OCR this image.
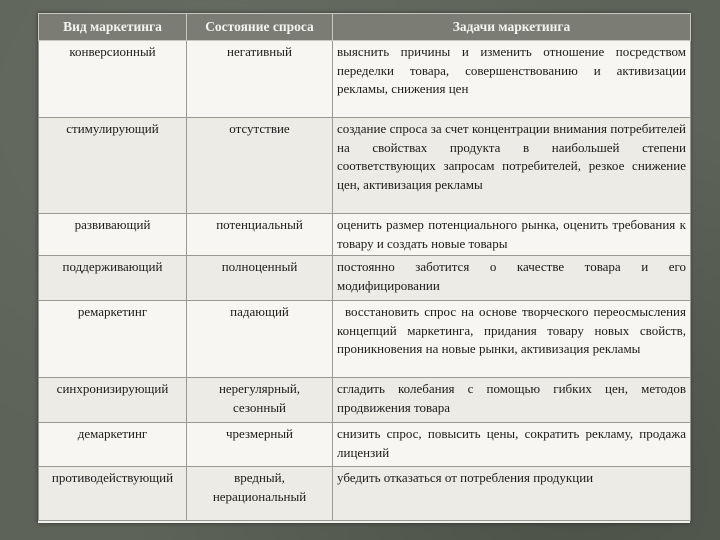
Вид маркетинга	Состояние спроса	Задачи маркетинга
конверсионный	негативный	выяснить причины и изменить отношение посредством переделки товара, совершенствованию и активизации рекламы, снижения цен
стимулирующий	отсутствие	создание спроса за счет концентрации внимания потребителей на свойствах продукта в наибольшей степени соответствующих запросам потребителей, резкое снижение цен, активизация рекламы
развивающий	потенциальный	оценить размер потенциального рынка, оценить требования к товару и создать новые товары
поддерживающий	полноценный	постоянно заботится о качестве товара и его модифицировании
ремаркетинг	падающий	восстановить спрос на основе творческого переосмысления концепций маркетинга, придания товару новых свойств, проникновения на новые рынки, активизация рекламы
синхронизирующий	нерегулярный, сезонный	сгладить колебания с помощью гибких цен, методов продвижения товара
демаркетинг	чрезмерный	снизить спрос, повысить цены, сократить рекламу, продажа лицензий
противодействующий	вредный, нерациональный	убедить отказаться от потребления продукции
